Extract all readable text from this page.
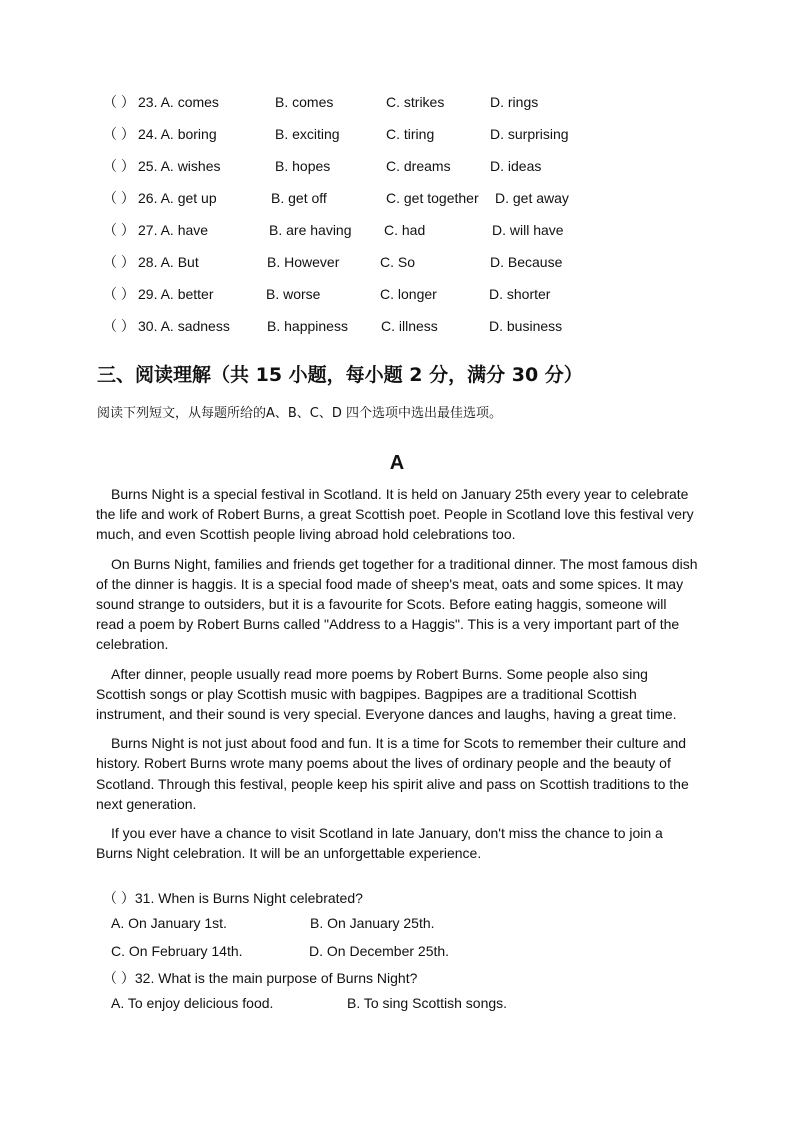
（ ） 23. A. comes	B. comes	C. strikes	D. rings
（ ） 24. A. boring	B. exciting	C. tiring	D. surprising
（ ） 25. A. wishes	B. hopes	C. dreams	D. ideas
（ ） 26. A. get up	B. get off	C. get together D. get away
（ ） 27. A. have	B. are having C. had	D. will have
（ ） 28. A. But	B. However	C. So	D. Because
（ ） 29. A. better	B. worse	C. longer	D. shorter
（ ） 30. A. sadness	B. happiness C. illness	D. business
三、阅读理解（共 15 小题，每小题 2 分，满分 30 分）
阅读下列短文，从每题所给的A、B、C、D 四个选项中选出最佳选项。
A

Burns Night is a special festival in Scotland. It is held on January 25th every year to celebrate the life and work of Robert Burns, a great Scottish poet. People in Scotland love this festival very much, and even Scottish people living abroad hold celebrations too.

On Burns Night, families and friends get together for a traditional dinner. The most famous dish of the dinner is haggis. It is a special food made of sheep's meat, oats and some spices. It may sound strange to outsiders, but it is a favourite for Scots. Before eating haggis, someone will read a poem by Robert Burns called "Address to a Haggis". This is a very important part of the celebration.

After dinner, people usually read more poems by Robert Burns. Some people also sing Scottish songs or play Scottish music with bagpipes. Bagpipes are a traditional Scottish instrument, and their sound is very special. Everyone dances and laughs, having a great time.

Burns Night is not just about food and fun. It is a time for Scots to remember their culture and history. Robert Burns wrote many poems about the lives of ordinary people and the beauty of Scotland. Through this festival, people keep his spirit alive and pass on Scottish traditions to the next generation.

If you ever have a chance to visit Scotland in late January, don't miss the chance to join a Burns Night celebration. It will be an unforgettable experience.

（ ）31. When is Burns Night celebrated?
A. On January 1st.	B. On January 25th.
C. On February 14th.	D. On December 25th.
（ ）32. What is the main purpose of Burns Night?
A. To enjoy delicious food.	B. To sing Scottish songs.
